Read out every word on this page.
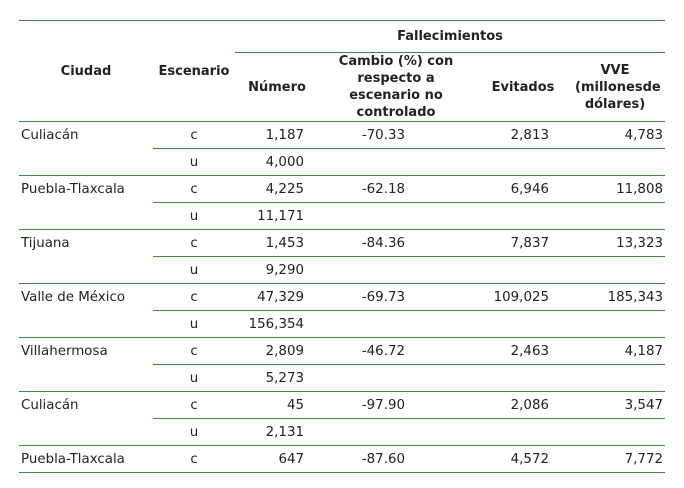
Ciudad	Escenario	Fallecimientos			
		Número	Cambio (%) con respecto a escenario no controlado	Evitados	VVE (millonesde dólares)

Culiacán	c	1,187	-70.33	2,813	4,783
	u	4,000			
Puebla-Tlaxcala	c	4,225	-62.18	6,946	11,808
	u	11,171			
Tijuana	c	1,453	-84.36	7,837	13,323
	u	9,290			
Valle de México	c	47,329	-69.73	109,025	185,343
	u	156,354			
Villahermosa	c	2,809	-46.72	2,463	4,187
	u	5,273			
Culiacán	c	45	-97.90	2,086	3,547
	u	2,131			
Puebla-Tlaxcala	c	647	-87.60	4,572	7,772
